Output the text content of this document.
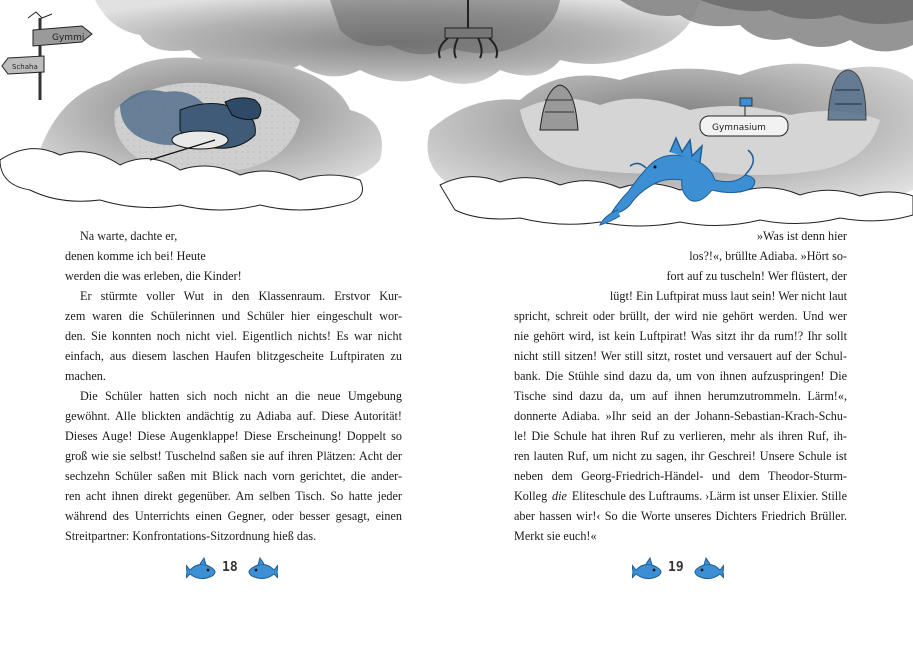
Gymmi
Schaha
Gymnasium
Na warte, dachte er,
denen komme ich bei! Heute
werden die was erleben, die Kinder!
Er stürmte voller Wut in den Klassenraum. Erstvor Kur-
zem waren die Schülerinnen und Schüler hier eingeschult wor-
den. Sie konnten noch nicht viel. Eigentlich nichts! Es war nicht
einfach, aus diesem laschen Haufen blitzgescheite Luftpiraten zu
machen.
Die Schüler hatten sich noch nicht an die neue Umgebung
gewöhnt. Alle blickten andächtig zu Adiaba auf. Diese Autorität!
Dieses Auge! Diese Augenklappe! Diese Erscheinung! Doppelt so
groß wie sie selbst! Tuschelnd saßen sie auf ihren Plätzen: Acht der
sechzehn Schüler saßen mit Blick nach vorn gerichtet, die ander-
ren acht ihnen direkt gegenüber. Am selben Tisch. So hatte jeder
während des Unterrichts einen Gegner, oder besser gesagt, einen
Streitpartner: Konfrontations-Sitzordnung hieß das.
18
»Was ist denn hier
los?!«, brüllte Adiaba. »Hört so-
fort auf zu tuscheln! Wer flüstert, der
lügt! Ein Luftpirat muss laut sein! Wer nicht laut
spricht, schreit oder brüllt, der wird nie gehört werden. Und wer
nie gehört wird, ist kein Luftpirat! Was sitzt ihr da rum!? Ihr sollt
nicht still sitzen! Wer still sitzt, rostet und versauert auf der Schul-
bank. Die Stühle sind dazu da, um von ihnen aufzuspringen! Die
Tische sind dazu da, um auf ihnen herumzutrommeln. Lärm!«,
donnerte Adiaba. »Ihr seid an der Johann-Sebastian-Krach-Schu-
le! Die Schule hat ihren Ruf zu verlieren, mehr als ihren Ruf, ih-
ren lauten Ruf, um nicht zu sagen, ihr Geschrei! Unsere Schule ist
neben dem Georg-Friedrich-Händel- und dem Theodor-Sturm-
Kolleg die Eliteschule des Luftraums. ›Lärm ist unser Elixier. Stille
aber hassen wir!‹ So die Worte unseres Dichters Friedrich Brüller.
Merkt sie euch!«
19
